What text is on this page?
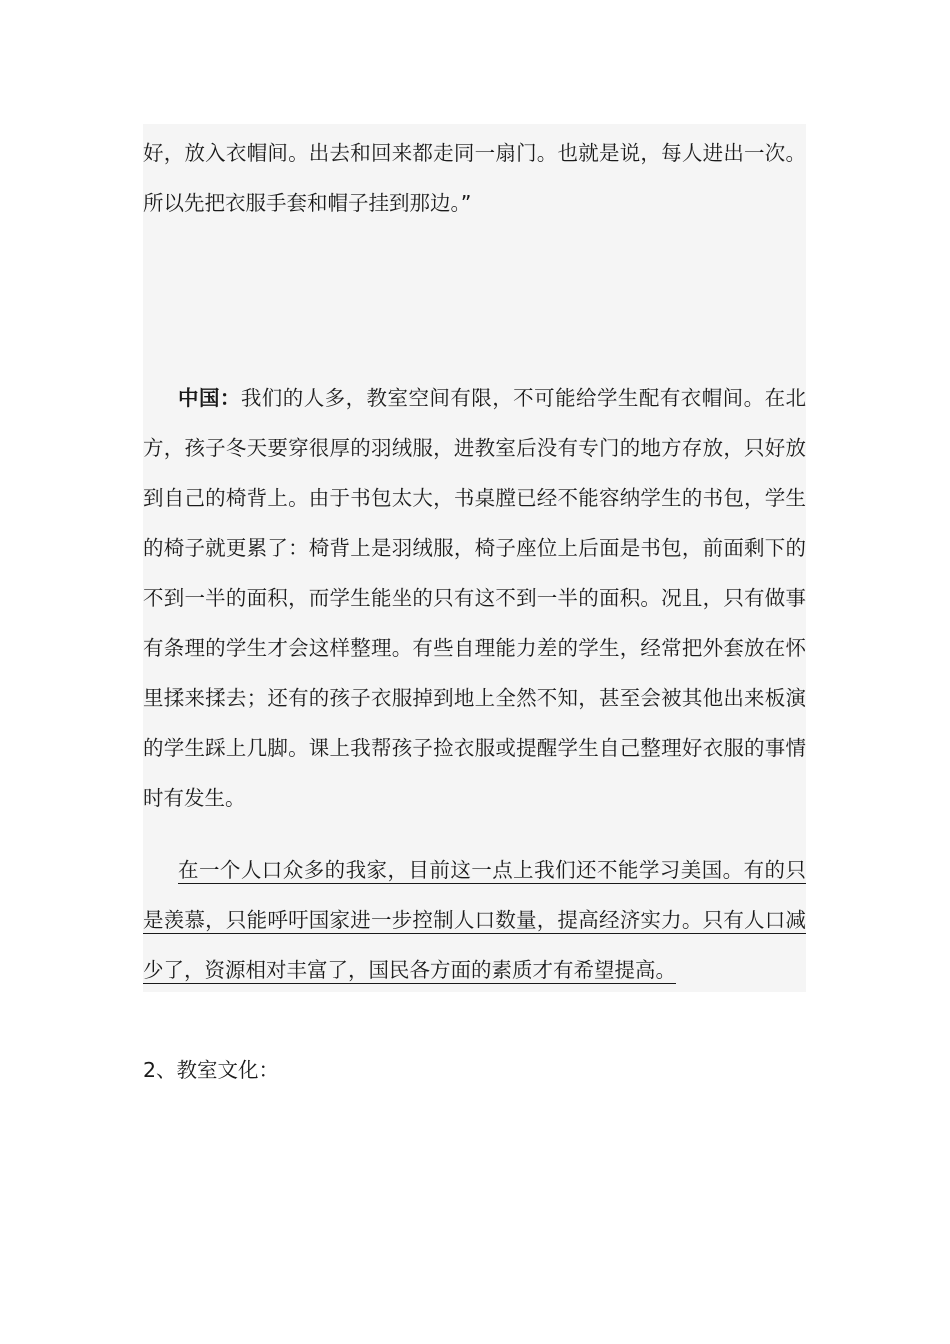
好，放入衣帽间。出去和回来都走同一扇门。也就是说，每人进出一次。所以先把衣服手套和帽子挂到那边。”

中国：我们的人多，教室空间有限，不可能给学生配有衣帽间。在北方，孩子冬天要穿很厚的羽绒服，进教室后没有专门的地方存放，只好放到自己的椅背上。由于书包太大，书桌膛已经不能容纳学生的书包，学生的椅子就更累了：椅背上是羽绒服，椅子座位上后面是书包，前面剩下的不到一半的面积，而学生能坐的只有这不到一半的面积。况且，只有做事有条理的学生才会这样整理。有些自理能力差的学生，经常把外套放在怀里揉来揉去；还有的孩子衣服掉到地上全然不知，甚至会被其他出来板演的学生踩上几脚。课上我帮孩子捡衣服或提醒学生自己整理好衣服的事情时有发生。

在一个人口众多的我家，目前这一点上我们还不能学习美国。有的只是羡慕，只能呼吁国家进一步控制人口数量，提高经济实力。只有人口减少了，资源相对丰富了，国民各方面的素质才有希望提高。

2、教室文化：
